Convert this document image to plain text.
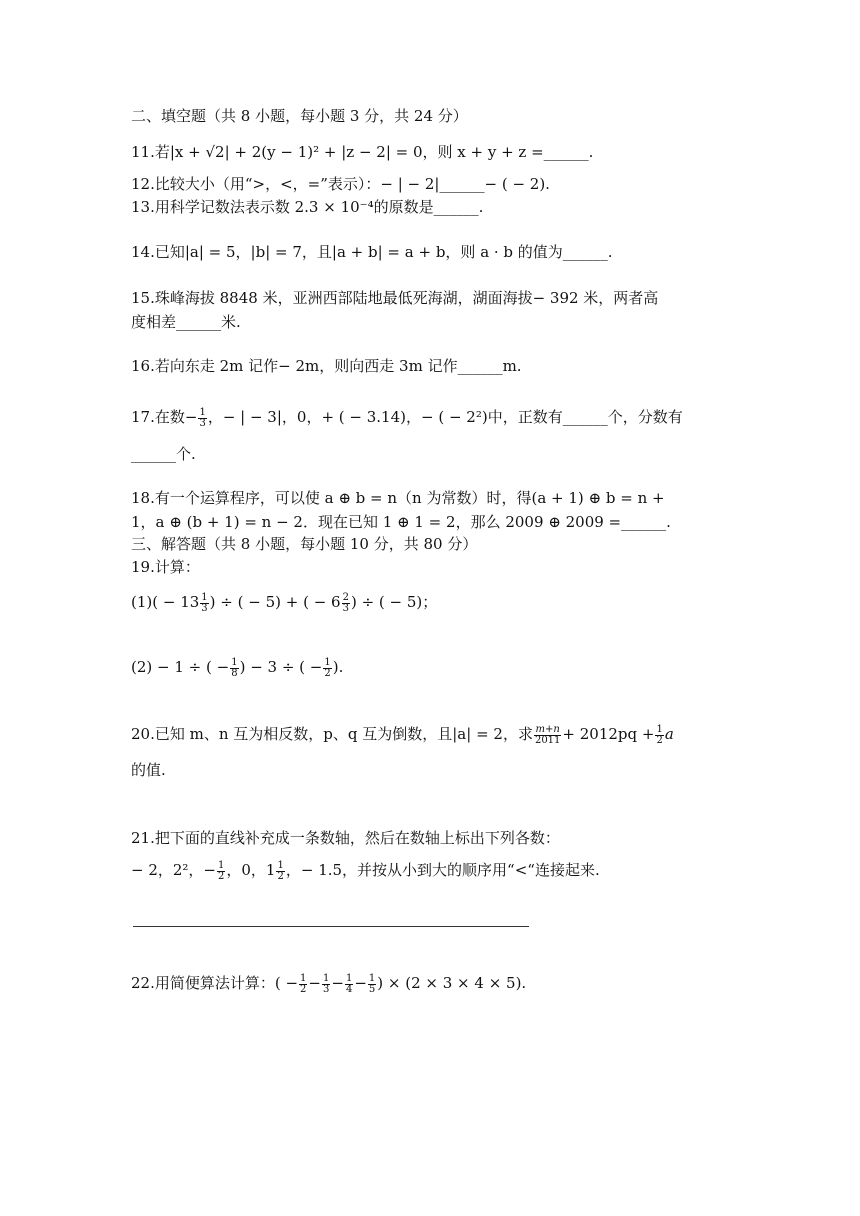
二、填空题（共 8 小题，每小题 3 分，共 24 分）
11.若|x + √2| + 2(y − 1)² + |z − 2| = 0，则 x + y + z =______.
12.比较大小（用“>，<，=”表示）：− | − 2|______− ( − 2).
13.用科学记数法表示数 2.3 × 10⁻⁴的原数是______.
14.已知|a| = 5，|b| = 7，且|a + b| = a + b，则 a · b 的值为______.
15.珠峰海拔 8848 米，亚洲西部陆地最低死海湖，湖面海拔− 392 米，两者高
度相差______米.
16.若向东走 2m 记作− 2m，则向西走 3m 记作______m.
17.在数− $\frac{1}{3}$ ，− | − 3|，0，+ ( − 3.14)，− ( − 2²)中，正数有______个，分数有
______个.
18.有一个运算程序，可以使 a ⊕ b = n（n 为常数）时，得(a + 1) ⊕ b = n +
1，a ⊕ (b + 1) = n − 2．现在已知 1 ⊕ 1 = 2，那么 2009 ⊕ 2009 =______.
三、解答题（共 8 小题，每小题 10 分，共 80 分）
19.计算：
$(1)( - 13 \frac{1}{3}$ ) ÷ ( − 5) + ( − $6 \frac{2}{3}$ ) ÷ ( − 5)；
(2) − 1 ÷ ( − $\frac{1}{8}$ ) − 3 ÷ ( − $\frac{1}{2}$ ).
20.已知 m、n 互为相反数，p、q 互为倒数，且|a| = 2，求 $\frac{m+n}{2011} + 2012pq + \frac{1}{2}$ a
的值.
21.把下面的直线补充成一条数轴，然后在数轴上标出下列各数：
− 2，2²，− $\frac{1}{2}$ ，0，$1 \frac{1}{2}$ ，− 1.5，并按从小到大的顺序用“<“连接起来.
22.用简便算法计算：( − $\frac{1}{2} - \frac{1}{3} - \frac{1}{4} - \frac{1}{5}$ ) × (2 × 3 × 4 × 5).
